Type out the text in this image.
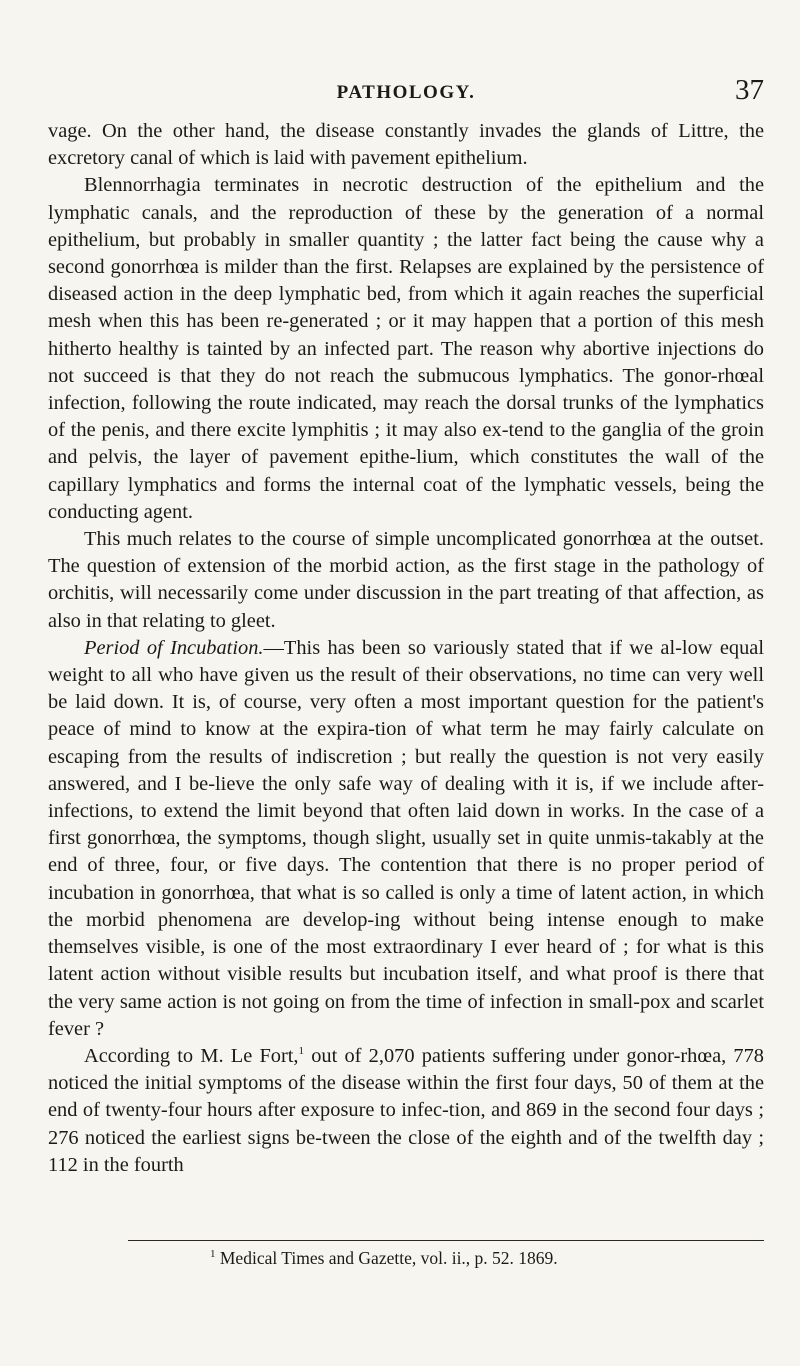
PATHOLOGY.	37

vage. On the other hand, the disease constantly invades the glands of Littre, the excretory canal of which is laid with pavement epithelium.

Blennorrhagia terminates in necrotic destruction of the epithelium and the lymphatic canals, and the reproduction of these by the generation of a normal epithelium, but probably in smaller quantity ; the latter fact being the cause why a second gonorrhœa is milder than the first. Relapses are explained by the persistence of diseased action in the deep lymphatic bed, from which it again reaches the superficial mesh when this has been re-generated ; or it may happen that a portion of this mesh hitherto healthy is tainted by an infected part. The reason why abortive injections do not succeed is that they do not reach the submucous lymphatics. The gonor-rhœal infection, following the route indicated, may reach the dorsal trunks of the lymphatics of the penis, and there excite lymphitis ; it may also ex-tend to the ganglia of the groin and pelvis, the layer of pavement epithe-lium, which constitutes the wall of the capillary lymphatics and forms the internal coat of the lymphatic vessels, being the conducting agent.

This much relates to the course of simple uncomplicated gonorrhœa at the outset. The question of extension of the morbid action, as the first stage in the pathology of orchitis, will necessarily come under discussion in the part treating of that affection, as also in that relating to gleet.

Period of Incubation.—This has been so variously stated that if we al-low equal weight to all who have given us the result of their observations, no time can very well be laid down. It is, of course, very often a most important question for the patient's peace of mind to know at the expira-tion of what term he may fairly calculate on escaping from the results of indiscretion ; but really the question is not very easily answered, and I be-lieve the only safe way of dealing with it is, if we include after-infections, to extend the limit beyond that often laid down in works. In the case of a first gonorrhœa, the symptoms, though slight, usually set in quite unmis-takably at the end of three, four, or five days. The contention that there is no proper period of incubation in gonorrhœa, that what is so called is only a time of latent action, in which the morbid phenomena are develop-ing without being intense enough to make themselves visible, is one of the most extraordinary I ever heard of ; for what is this latent action without visible results but incubation itself, and what proof is there that the very same action is not going on from the time of infection in small-pox and scarlet fever ?

According to M. Le Fort,$^1$ out of 2,070 patients suffering under gonor-rhœa, 778 noticed the initial symptoms of the disease within the first four days, 50 of them at the end of twenty-four hours after exposure to infec-tion, and 869 in the second four days ; 276 noticed the earliest signs be-tween the close of the eighth and of the twelfth day ; 112 in the fourth

$^1$ Medical Times and Gazette, vol. ii., p. 52. 1869.
